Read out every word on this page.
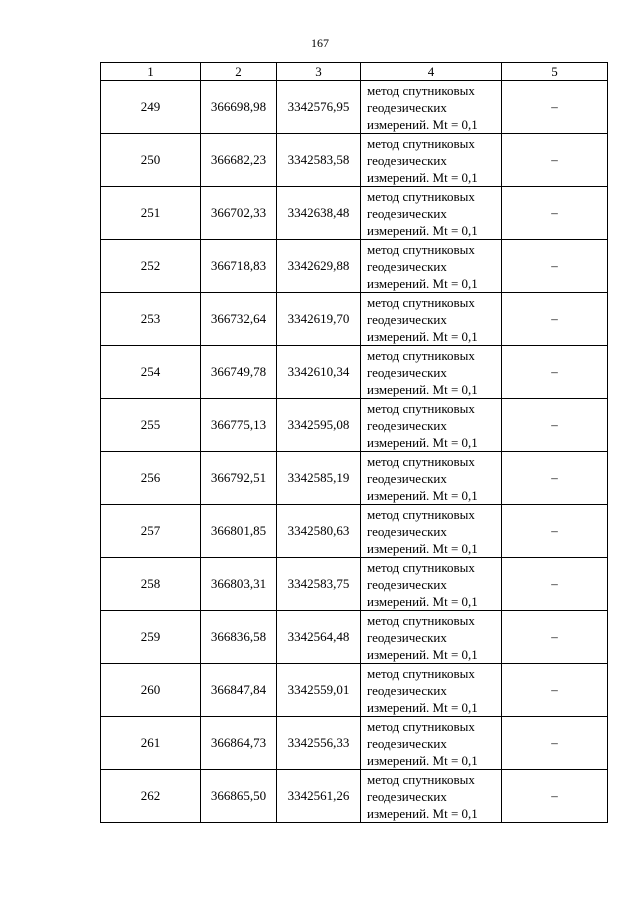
167
1	2	3	4	5
249	366698,98	3342576,95	метод спутниковых
геодезических
измерений. Mt = 0,1	–
250	366682,23	3342583,58	метод спутниковых
геодезических
измерений. Mt = 0,1	–
251	366702,33	3342638,48	метод спутниковых
геодезических
измерений. Mt = 0,1	–
252	366718,83	3342629,88	метод спутниковых
геодезических
измерений. Mt = 0,1	–
253	366732,64	3342619,70	метод спутниковых
геодезических
измерений. Mt = 0,1	–
254	366749,78	3342610,34	метод спутниковых
геодезических
измерений. Mt = 0,1	–
255	366775,13	3342595,08	метод спутниковых
геодезических
измерений. Mt = 0,1	–
256	366792,51	3342585,19	метод спутниковых
геодезических
измерений. Mt = 0,1	–
257	366801,85	3342580,63	метод спутниковых
геодезических
измерений. Mt = 0,1	–
258	366803,31	3342583,75	метод спутниковых
геодезических
измерений. Mt = 0,1	–
259	366836,58	3342564,48	метод спутниковых
геодезических
измерений. Mt = 0,1	–
260	366847,84	3342559,01	метод спутниковых
геодезических
измерений. Mt = 0,1	–
261	366864,73	3342556,33	метод спутниковых
геодезических
измерений. Mt = 0,1	–
262	366865,50	3342561,26	метод спутниковых
геодезических
измерений. Mt = 0,1	–
